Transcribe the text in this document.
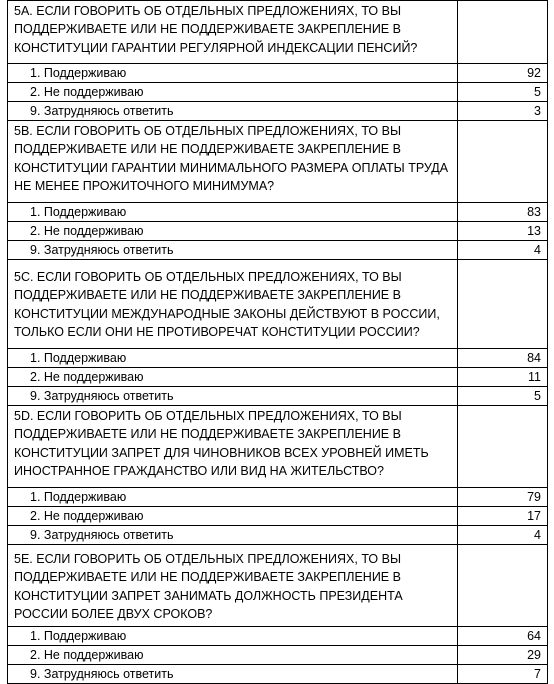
5А. ЕСЛИ ГОВОРИТЬ ОБ ОТДЕЛЬНЫХ ПРЕДЛОЖЕНИЯХ, ТО ВЫ ПОДДЕРЖИВАЕТЕ ИЛИ НЕ ПОДДЕРЖИВАЕТЕ ЗАКРЕПЛЕНИЕ В КОНСТИТУЦИИ ГАРАНТИИ РЕГУЛЯРНОЙ ИНДЕКСАЦИИ ПЕНСИЙ?
1. Поддерживаю	92
2. Не поддерживаю	5
9. Затрудняюсь ответить	3
5В. ЕСЛИ ГОВОРИТЬ ОБ ОТДЕЛЬНЫХ ПРЕДЛОЖЕНИЯХ, ТО ВЫ ПОДДЕРЖИВАЕТЕ ИЛИ НЕ ПОДДЕРЖИВАЕТЕ ЗАКРЕПЛЕНИЕ В КОНСТИТУЦИИ ГАРАНТИИ МИНИМАЛЬНОГО РАЗМЕРА ОПЛАТЫ ТРУДА НЕ МЕНЕЕ ПРОЖИТОЧНОГО МИНИМУМА?
1. Поддерживаю	83
2. Не поддерживаю	13
9. Затрудняюсь ответить	4
5С. ЕСЛИ ГОВОРИТЬ ОБ ОТДЕЛЬНЫХ ПРЕДЛОЖЕНИЯХ, ТО ВЫ ПОДДЕРЖИВАЕТЕ ИЛИ НЕ ПОДДЕРЖИВАЕТЕ ЗАКРЕПЛЕНИЕ В КОНСТИТУЦИИ МЕЖДУНАРОДНЫЕ ЗАКОНЫ ДЕЙСТВУЮТ В РОССИИ, ТОЛЬКО ЕСЛИ ОНИ НЕ ПРОТИВОРЕЧАТ КОНСТИТУЦИИ РОССИИ?
1. Поддерживаю	84
2. Не поддерживаю	11
9. Затрудняюсь ответить	5
5D. ЕСЛИ ГОВОРИТЬ ОБ ОТДЕЛЬНЫХ ПРЕДЛОЖЕНИЯХ, ТО ВЫ ПОДДЕРЖИВАЕТЕ ИЛИ НЕ ПОДДЕРЖИВАЕТЕ ЗАКРЕПЛЕНИЕ В КОНСТИТУЦИИ ЗАПРЕТ ДЛЯ ЧИНОВНИКОВ ВСЕХ УРОВНЕЙ ИМЕТЬ ИНОСТРАННОЕ ГРАЖДАНСТВО ИЛИ ВИД НА ЖИТЕЛЬСТВО?
1. Поддерживаю	79
2. Не поддерживаю	17
9. Затрудняюсь ответить	4
5Е. ЕСЛИ ГОВОРИТЬ ОБ ОТДЕЛЬНЫХ ПРЕДЛОЖЕНИЯХ, ТО ВЫ ПОДДЕРЖИВАЕТЕ ИЛИ НЕ ПОДДЕРЖИВАЕТЕ ЗАКРЕПЛЕНИЕ В КОНСТИТУЦИИ ЗАПРЕТ ЗАНИМАТЬ ДОЛЖНОСТЬ ПРЕЗИДЕНТА РОССИИ БОЛЕЕ ДВУХ СРОКОВ?
1. Поддерживаю	64
2. Не поддерживаю	29
9. Затрудняюсь ответить	7
